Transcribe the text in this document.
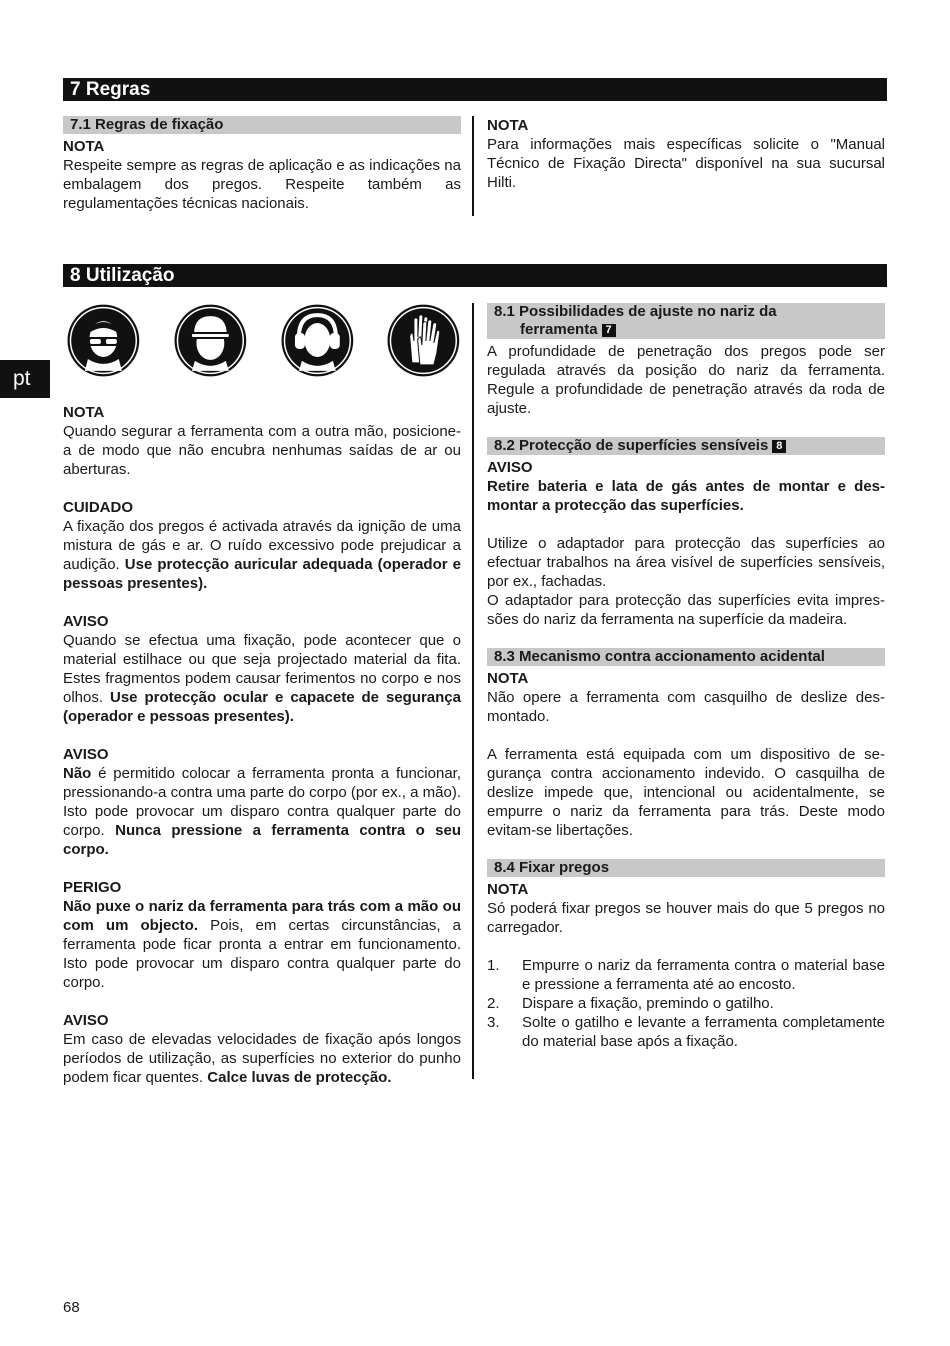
7 Regras
7.1 Regras de fixação
NOTA

Respeite sempre as regras de aplicação e as indicações na embalagem dos pregos. Respeite também as regulamentações técnicas nacionais.

NOTA

Para informações mais específicas solicite o "Manual Técnico de Fixação Directa" disponível na sua sucursal Hilti.

8 Utilização
pt
NOTA

Quando segurar a ferramenta com a outra mão, posicione-a de modo que não encubra nenhumas saídas de ar ou aberturas.

CUIDADO

A fixação dos pregos é activada através da ignição de uma mistura de gás e ar. O ruído excessivo pode prejudicar a audição. Use protecção auricular adequada (operador e pessoas presentes).

AVISO

Quando se efectua uma fixação, pode acontecer que o material estilhace ou que seja projectado material da fita. Estes fragmentos podem causar ferimentos no corpo e nos olhos. Use protecção ocular e capacete de segurança (operador e pessoas presentes).

AVISO

Não é permitido colocar a ferramenta pronta a funcionar, pressionando-a contra uma parte do corpo (por ex., a mão). Isto pode provocar um disparo contra qualquer parte do corpo. Nunca pressione a ferramenta contra o seu corpo.

PERIGO

Não puxe o nariz da ferramenta para trás com a mão ou com um objecto. Pois, em certas circunstâncias, a ferramenta pode ficar pronta a entrar em funcionamento. Isto pode provocar um disparo contra qualquer parte do corpo.

AVISO

Em caso de elevadas velocidades de fixação após longos períodos de utilização, as superfícies no exterior do punho podem ficar quentes. Calce luvas de protecção.

8.1 Possibilidades de ajuste no nariz da
ferramenta 7

A profundidade de penetração dos pregos pode ser regulada através da posição do nariz da ferramenta. Regule a profundidade de penetração através da roda de ajuste.

8.2 Protecção de superfícies sensíveis 8
AVISO

Retire bateria e lata de gás antes de montar e desmontar a protecção das superfícies.

Utilize o adaptador para protecção das superfícies ao efectuar trabalhos na área visível de superfícies sensíveis, por ex., fachadas.

O adaptador para protecção das superfícies evita impressões do nariz da ferramenta na superfície da madeira.

8.3 Mecanismo contra accionamento acidental
NOTA

Não opere a ferramenta com casquilho de deslize desmontado.

A ferramenta está equipada com um dispositivo de segurança contra accionamento indevido. O casquilha de deslize impede que, intencional ou acidentalmente, se empurre o nariz da ferramenta para trás. Deste modo evitam-se libertações.

8.4 Fixar pregos
NOTA

Só poderá fixar pregos se houver mais do que 5 pregos no carregador.

1.	Empurre o nariz da ferramenta contra o material base e pressione a ferramenta até ao encosto.
2.	Dispare a fixação, premindo o gatilho.
3.	Solte o gatilho e levante a ferramenta completamente do material base após a fixação.
68
